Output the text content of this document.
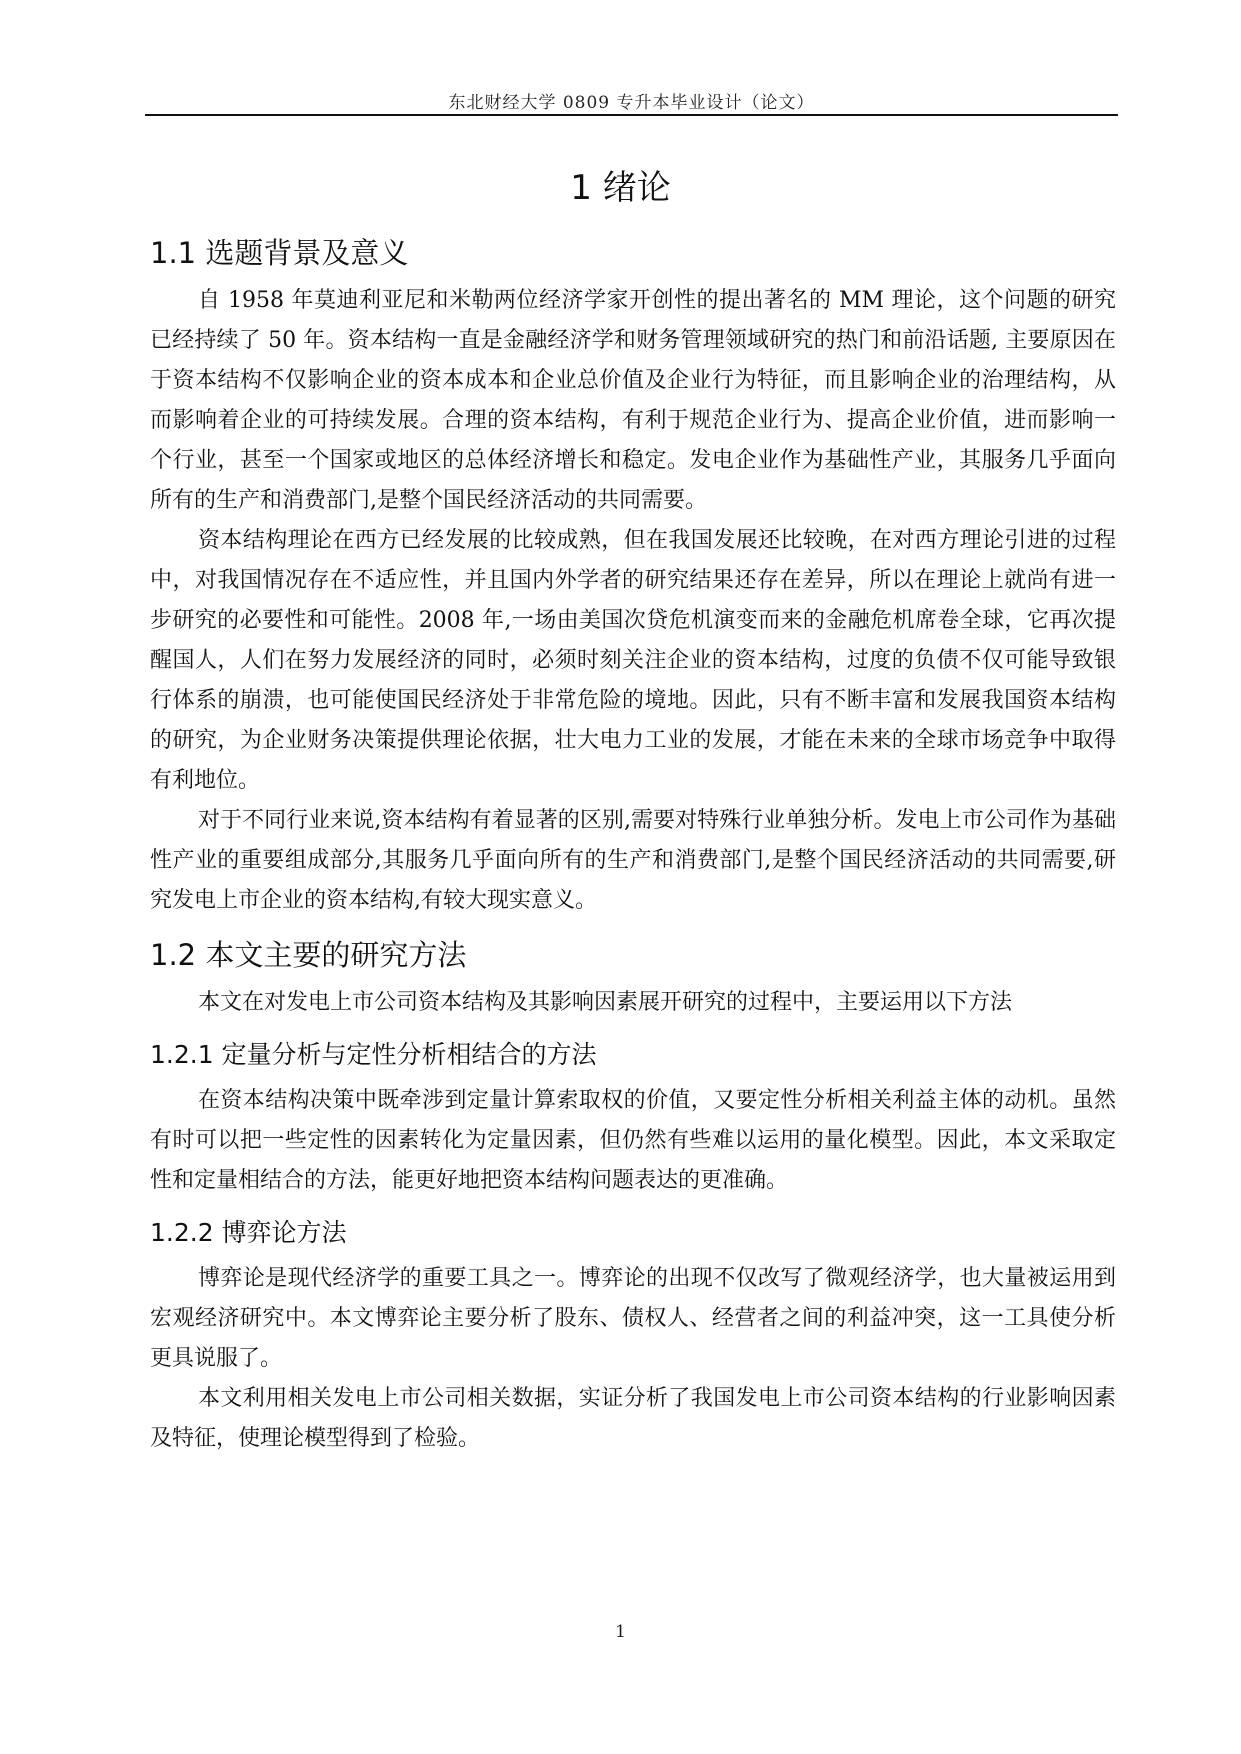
东北财经大学 0809 专升本毕业设计（论文）
1 绪论
1.1 选题背景及意义

自 1958 年莫迪利亚尼和米勒两位经济学家开创性的提出著名的 MM 理论，这个问题的研究已经持续了 50 年。资本结构一直是金融经济学和财务管理领域研究的热门和前沿话题, 主要原因在于资本结构不仅影响企业的资本成本和企业总价值及企业行为特征，而且影响企业的治理结构，从而影响着企业的可持续发展。合理的资本结构，有利于规范企业行为、提高企业价值，进而影响一个行业，甚至一个国家或地区的总体经济增长和稳定。发电企业作为基础性产业，其服务几乎面向所有的生产和消费部门,是整个国民经济活动的共同需要。

资本结构理论在西方已经发展的比较成熟，但在我国发展还比较晚，在对西方理论引进的过程中，对我国情况存在不适应性，并且国内外学者的研究结果还存在差异，所以在理论上就尚有进一步研究的必要性和可能性。2008 年,一场由美国次贷危机演变而来的金融危机席卷全球，它再次提醒国人，人们在努力发展经济的同时，必须时刻关注企业的资本结构，过度的负债不仅可能导致银行体系的崩溃，也可能使国民经济处于非常危险的境地。因此，只有不断丰富和发展我国资本结构的研究，为企业财务决策提供理论依据，壮大电力工业的发展，才能在未来的全球市场竞争中取得有利地位。

对于不同行业来说,资本结构有着显著的区别,需要对特殊行业单独分析。发电上市公司作为基础性产业的重要组成部分,其服务几乎面向所有的生产和消费部门,是整个国民经济活动的共同需要,研究发电上市企业的资本结构,有较大现实意义。

1.2 本文主要的研究方法

本文在对发电上市公司资本结构及其影响因素展开研究的过程中，主要运用以下方法

1.2.1 定量分析与定性分析相结合的方法

在资本结构决策中既牵涉到定量计算索取权的价值，又要定性分析相关利益主体的动机。虽然有时可以把一些定性的因素转化为定量因素，但仍然有些难以运用的量化模型。因此，本文采取定性和定量相结合的方法，能更好地把资本结构问题表达的更准确。

1.2.2 博弈论方法

博弈论是现代经济学的重要工具之一。博弈论的出现不仅改写了微观经济学，也大量被运用到宏观经济研究中。本文博弈论主要分析了股东、债权人、经营者之间的利益冲突，这一工具使分析更具说服了。

本文利用相关发电上市公司相关数据，实证分析了我国发电上市公司资本结构的行业影响因素及特征，使理论模型得到了检验。

1
